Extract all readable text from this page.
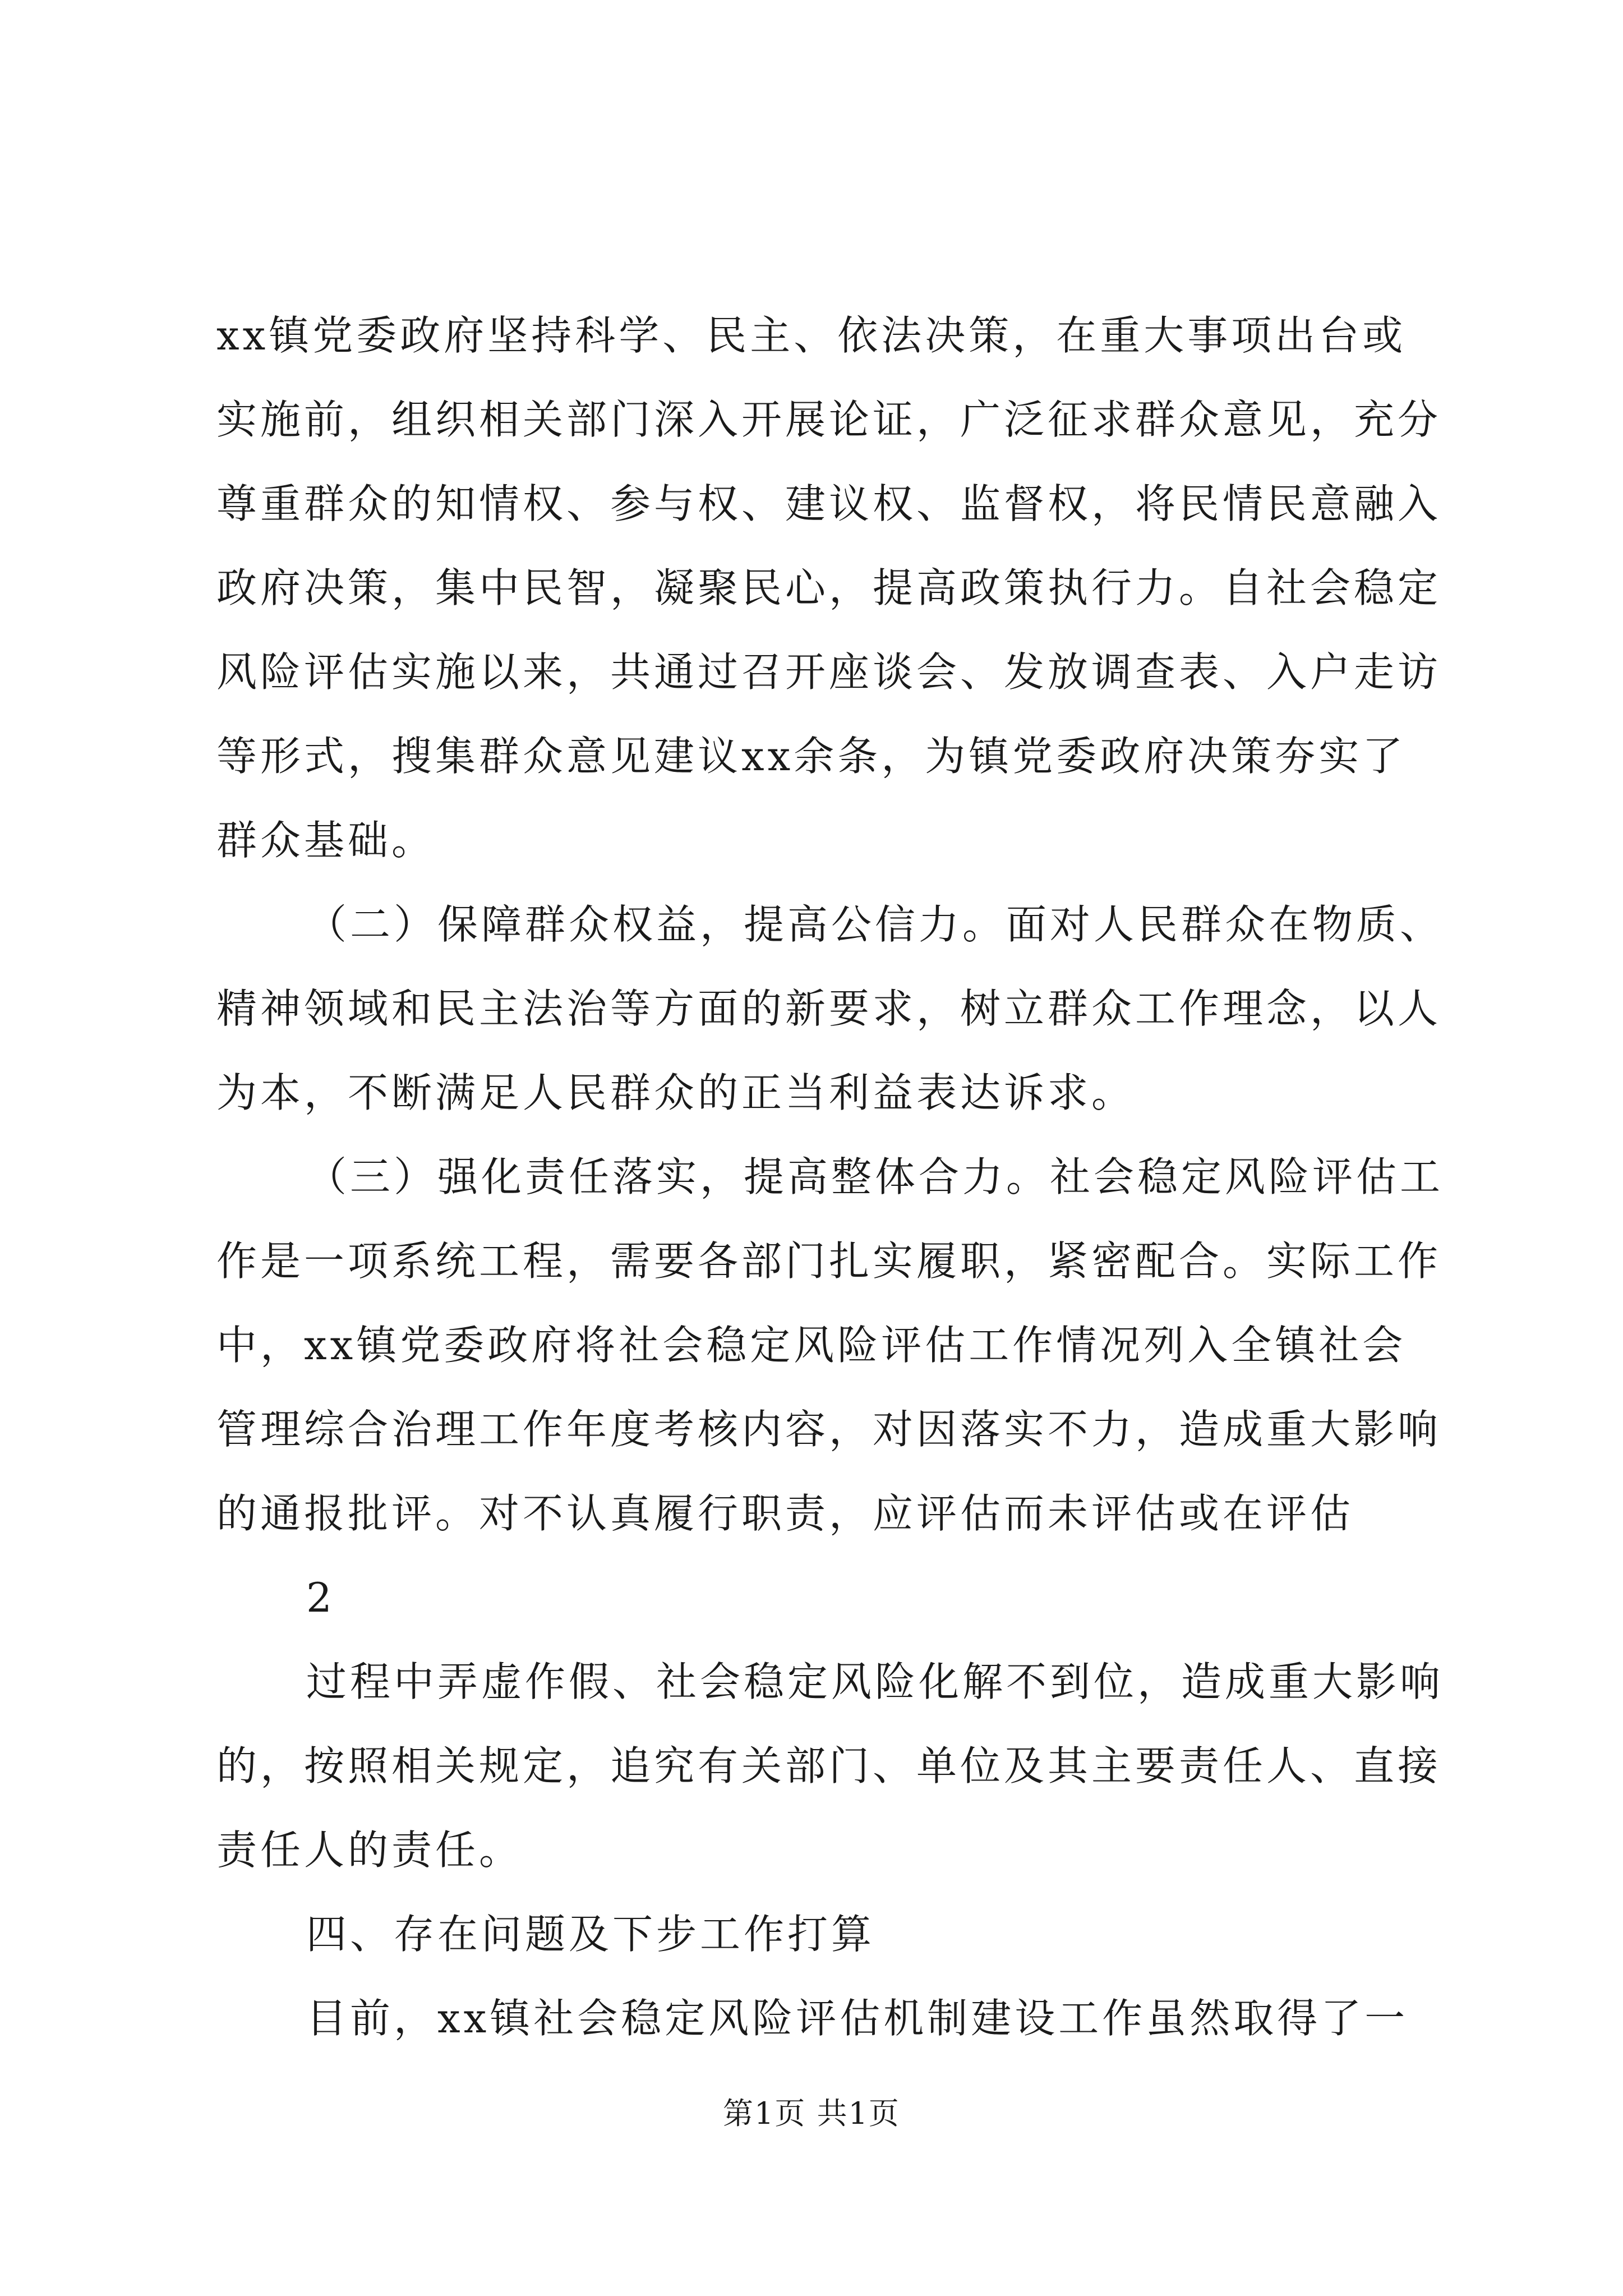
xx镇党委政府坚持科学、民主、依法决策，在重大事项出台或
实施前，组织相关部门深入开展论证，广泛征求群众意见，充分
尊重群众的知情权、参与权、建议权、监督权，将民情民意融入
政府决策，集中民智，凝聚民心，提高政策执行力。自社会稳定
风险评估实施以来，共通过召开座谈会、发放调查表、入户走访
等形式，搜集群众意见建议xx余条，为镇党委政府决策夯实了
群众基础。
（二）保障群众权益，提高公信力。面对人民群众在物质、
精神领域和民主法治等方面的新要求，树立群众工作理念，以人
为本，不断满足人民群众的正当利益表达诉求。
（三）强化责任落实，提高整体合力。社会稳定风险评估工
作是一项系统工程，需要各部门扎实履职，紧密配合。实际工作
中，xx镇党委政府将社会稳定风险评估工作情况列入全镇社会
管理综合治理工作年度考核内容，对因落实不力，造成重大影响
的通报批评。对不认真履行职责，应评估而未评估或在评估
2
过程中弄虚作假、社会稳定风险化解不到位，造成重大影响
的，按照相关规定，追究有关部门、单位及其主要责任人、直接
责任人的责任。
四、存在问题及下步工作打算
目前，xx镇社会稳定风险评估机制建设工作虽然取得了一
第1页 共1页
